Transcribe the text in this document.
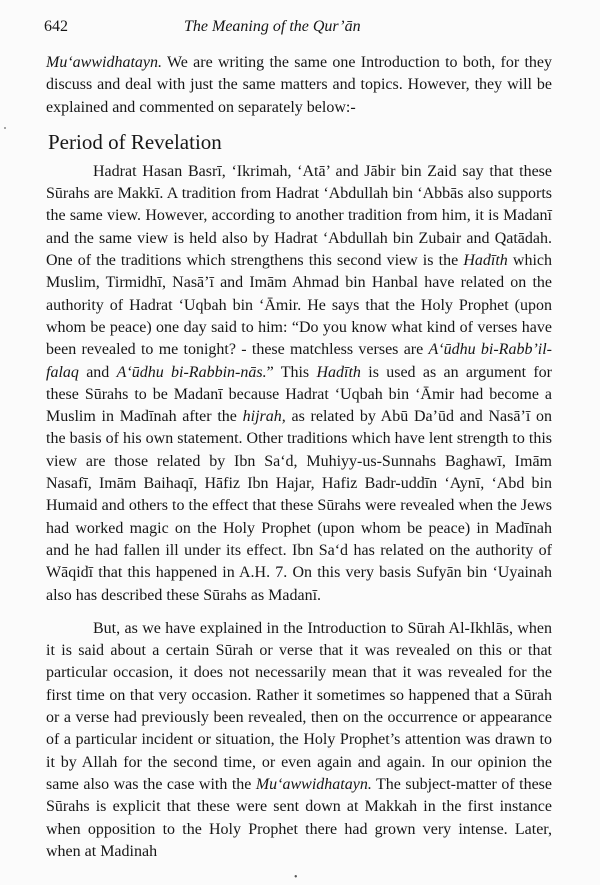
642	The Meaning of the Qur’ān

Mu‘awwidhatayn. We are writing the same one Introduction to both, for they discuss and deal with just the same matters and topics. However, they will be explained and commented on separately below:-

Period of Revelation

Hadrat Hasan Basrī, ‘Ikrimah, ‘Atā’ and Jābir bin Zaid say that these Sūrahs are Makkī. A tradition from Hadrat ‘Abdullah bin ‘Abbās also supports the same view. However, according to another tradition from him, it is Madanī and the same view is held also by Hadrat ‘Abdullah bin Zubair and Qatādah. One of the traditions which strengthens this second view is the Hadīth which Muslim, Tirmidhī, Nasā’ī and Imām Ahmad bin Hanbal have related on the authority of Hadrat ‘Uqbah bin ‘Āmir. He says that the Holy Prophet (upon whom be peace) one day said to him: “Do you know what kind of verses have been revealed to me tonight? - these matchless verses are A‘ūdhu bi-Rabb’il-falaq and A‘ūdhu bi-Rabbin-nās.” This Hadīth is used as an argument for these Sūrahs to be Madanī because Hadrat ‘Uqbah bin ‘Āmir had become a Muslim in Madīnah after the hijrah, as related by Abū Da’ūd and Nasā’ī on the basis of his own statement. Other traditions which have lent strength to this view are those related by Ibn Sa‘d, Muhiyy-us-Sunnahs Baghawī, Imām Nasafī, Imām Baihaqī, Hāfiz Ibn Hajar, Hafiz Badr-uddīn ‘Aynī, ‘Abd bin Humaid and others to the effect that these Sūrahs were revealed when the Jews had worked magic on the Holy Prophet (upon whom be peace) in Madīnah and he had fallen ill under its effect. Ibn Sa‘d has related on the authority of Wāqidī that this happened in A.H. 7. On this very basis Sufyān bin ‘Uyainah also has described these Sūrahs as Madanī.

But, as we have explained in the Introduction to Sūrah Al-Ikhlās, when it is said about a certain Sūrah or verse that it was revealed on this or that particular occasion, it does not necessarily mean that it was revealed for the first time on that very occasion. Rather it sometimes so happened that a Sūrah or a verse had previously been revealed, then on the occurrence or appearance of a particular incident or situation, the Holy Prophet’s attention was drawn to it by Allah for the second time, or even again and again. In our opinion the same also was the case with the Mu‘awwidhatayn. The subject-matter of these Sūrahs is explicit that these were sent down at Makkah in the first instance when opposition to the Holy Prophet there had grown very intense. Later, when at Madinah

•
